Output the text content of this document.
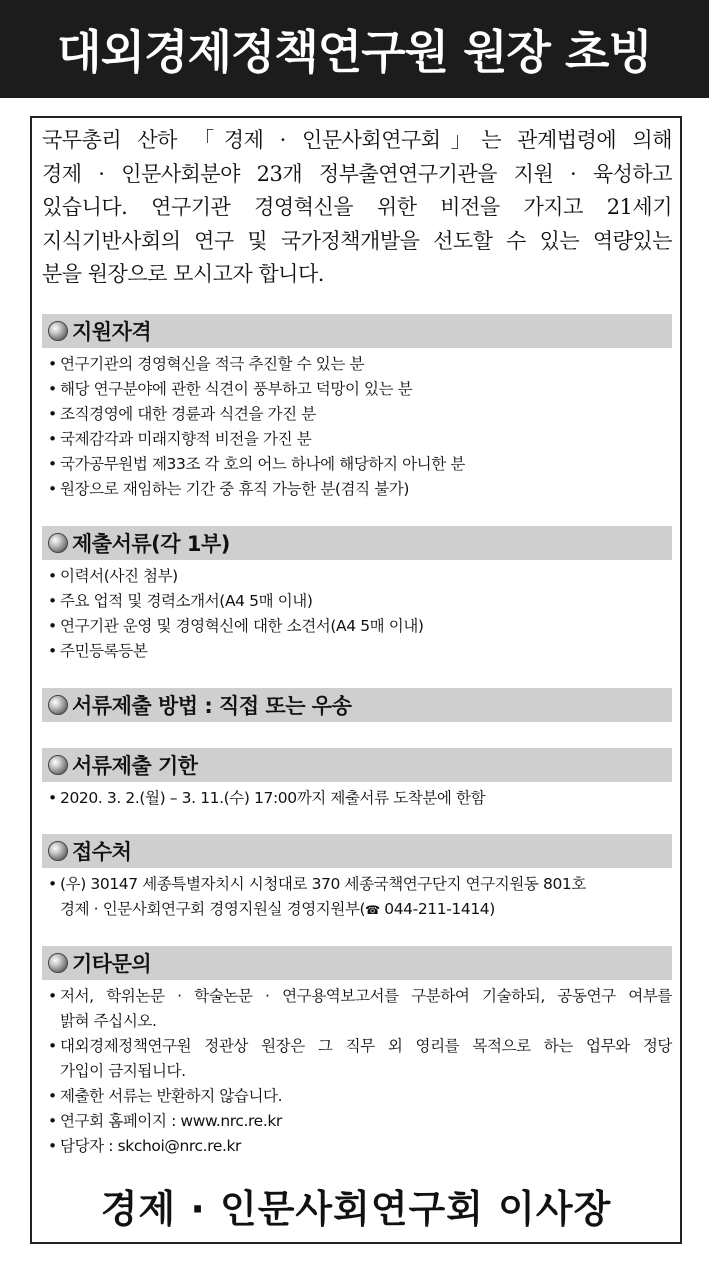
대외경제정책연구원 원장 초빙
국무총리 산하 「경제 · 인문사회연구회」는 관계법령에 의해
경제 · 인문사회분야 23개 정부출연연구기관을 지원 · 육성하고
있습니다. 연구기관 경영혁신을 위한 비전을 가지고 21세기
지식기반사회의 연구 및 국가정책개발을 선도할 수 있는 역량있는
분을 원장으로 모시고자 합니다.
지원자격
• 연구기관의 경영혁신을 적극 추진할 수 있는 분
• 해당 연구분야에 관한 식견이 풍부하고 덕망이 있는 분
• 조직경영에 대한 경륜과 식견을 가진 분
• 국제감각과 미래지향적 비전을 가진 분
• 국가공무원법 제33조 각 호의 어느 하나에 해당하지 아니한 분
• 원장으로 재임하는 기간 중 휴직 가능한 분(겸직 불가)
제출서류(각 1부)
• 이력서(사진 첨부)
• 주요 업적 및 경력소개서(A4 5매 이내)
• 연구기관 운영 및 경영혁신에 대한 소견서(A4 5매 이내)
• 주민등록등본
서류제출 방법 : 직접 또는 우송
서류제출 기한
• 2020. 3. 2.(월) – 3. 11.(수) 17:00까지 제출서류 도착분에 한함
접수처
• (우) 30147 세종특별자치시 시청대로 370 세종국책연구단지 연구지원동 801호
경제 · 인문사회연구회 경영지원실 경영지원부(☎ 044-211-1414)
기타문의
• 저서, 학위논문 · 학술논문 · 연구용역보고서를 구분하여 기술하되, 공동연구 여부를
밝혀 주십시오.
• 대외경제정책연구원 정관상 원장은 그 직무 외 영리를 목적으로 하는 업무와 정당
가입이 금지됩니다.
• 제출한 서류는 반환하지 않습니다.
• 연구회 홈페이지 : www.nrc.re.kr
• 담당자 : skchoi@nrc.re.kr
경제 · 인문사회연구회 이사장
